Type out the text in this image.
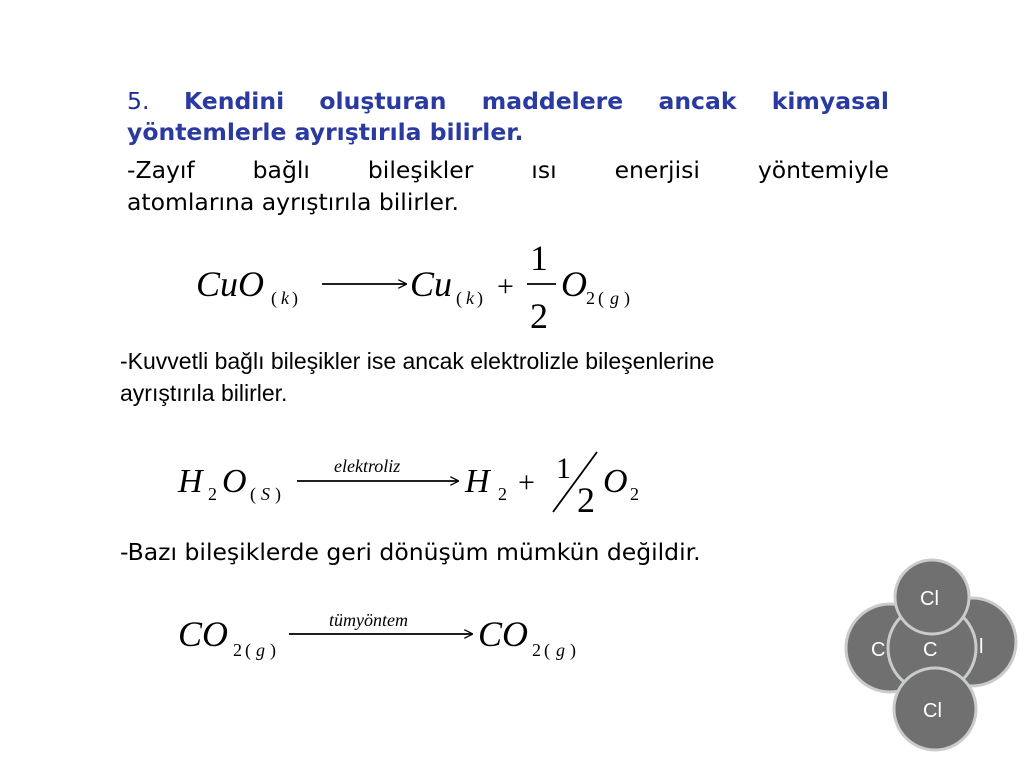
5. Kendini oluşturan maddelere ancak kimyasal yöntemlerle ayrıştırıla bilirler.
-Zayıf bağlı bileşikler ısı enerjisi yöntemiyle
atomlarına ayrıştırıla bilirler.
-Kuvvetli bağlı bileşikler ise ancak elektrolizle bileşenlerine
ayrıştırıla bilirler.
-Bazı bileşiklerde geri dönüşüm mümkün değildir.
CuO ( k )	Cu ( k ) +
1
2
O 2 ( g )
H 2 O ( S )
elektroliz H 2 + 1
2 O 2
CO 2 ( g )
tümyöntem CO 2 ( g )	l
C C
Cl
Cl
